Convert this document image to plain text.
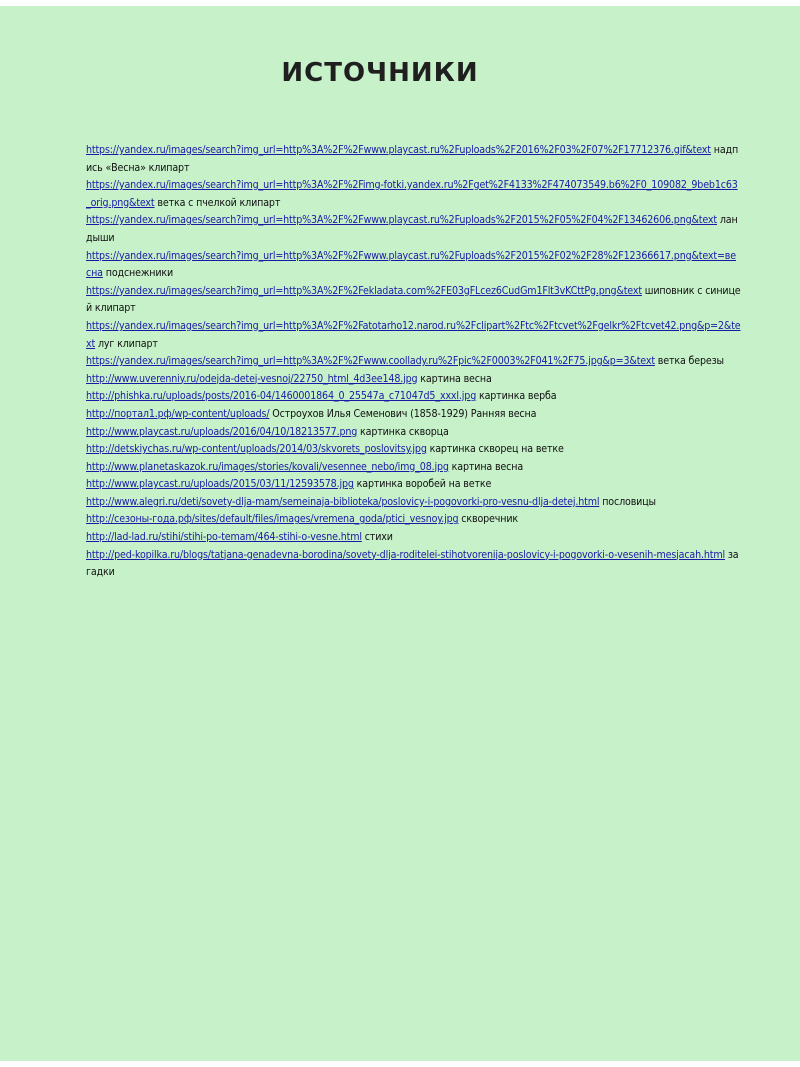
ИСТОЧНИКИ
https://yandex.ru/images/search?img_url=http%3A%2F%2Fwww.playcast.ru%2Fuploads%2F2016%2F03%2F07%2F17712376.gif&text надпись «Весна» клипарт
https://yandex.ru/images/search?img_url=http%3A%2F%2Fimg-fotki.yandex.ru%2Fget%2F4133%2F474073549.b6%2F0_109082_9beb1c63_orig.png&text ветка с пчелкой клипарт
https://yandex.ru/images/search?img_url=http%3A%2F%2Fwww.playcast.ru%2Fuploads%2F2015%2F05%2F04%2F13462606.png&text ландыши
https://yandex.ru/images/search?img_url=http%3A%2F%2Fwww.playcast.ru%2Fuploads%2F2015%2F02%2F28%2F12366617.png&text=весна подснежники
https://yandex.ru/images/search?img_url=http%3A%2F%2Fekladata.com%2FE03gFLcez6CudGm1Flt3vKCttPg.png&text шиповник с синицей клипарт
https://yandex.ru/images/search?img_url=http%3A%2F%2Fatotarho12.narod.ru%2Fclipart%2Ftc%2Ftcvet%2Fgelkr%2Ftcvet42.png&p=2&text луг клипарт
https://yandex.ru/images/search?img_url=http%3A%2F%2Fwww.coollady.ru%2Fpic%2F0003%2F041%2F75.jpg&p=3&text ветка березы
http://www.uverenniy.ru/odejda-detej-vesnoj/22750_html_4d3ee148.jpg картина весна
http://phishka.ru/uploads/posts/2016-04/1460001864_0_25547a_c71047d5_xxxl.jpg картинка верба
http://портал1.рф/wp-content/uploads/ Остроухов Илья Семенович (1858-1929) Ранняя весна
http://www.playcast.ru/uploads/2016/04/10/18213577.png картинка скворца
http://detskiychas.ru/wp-content/uploads/2014/03/skvorets_poslovitsy.jpg картинка скворец на ветке
http://www.planetaskazok.ru/images/stories/kovali/vesennee_nebo/img_08.jpg картина весна
http://www.playcast.ru/uploads/2015/03/11/12593578.jpg картинка воробей на ветке
http://www.alegri.ru/deti/sovety-dlja-mam/semeinaja-biblioteka/poslovicy-i-pogovorki-pro-vesnu-dlja-detej.html пословицы
http://сезоны-года.рф/sites/default/files/images/vremena_goda/ptici_vesnoy.jpg скворечник
http://lad-lad.ru/stihi/stihi-po-temam/464-stihi-o-vesne.html стихи
http://ped-kopilka.ru/blogs/tatjana-genadevna-borodina/sovety-dlja-roditelei-stihotvorenija-poslovicy-i-pogovorki-o-vesenih-mesjacah.html загадки
